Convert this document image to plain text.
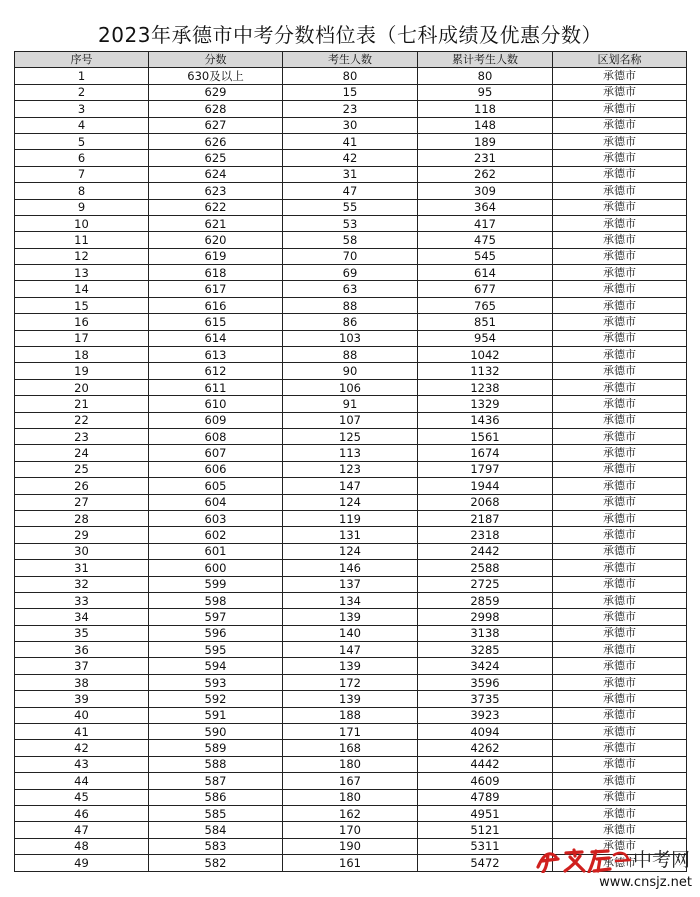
2023年承德市中考分数档位表（七科成绩及优惠分数）
序号	分数	考生人数	累计考生人数	区划名称
1	630及以上	80	80	承德市
2	629	15	95	承德市
3	628	23	118	承德市
4	627	30	148	承德市
5	626	41	189	承德市
6	625	42	231	承德市
7	624	31	262	承德市
8	623	47	309	承德市
9	622	55	364	承德市
10	621	53	417	承德市
11	620	58	475	承德市
12	619	70	545	承德市
13	618	69	614	承德市
14	617	63	677	承德市
15	616	88	765	承德市
16	615	86	851	承德市
17	614	103	954	承德市
18	613	88	1042	承德市
19	612	90	1132	承德市
20	611	106	1238	承德市
21	610	91	1329	承德市
22	609	107	1436	承德市
23	608	125	1561	承德市
24	607	113	1674	承德市
25	606	123	1797	承德市
26	605	147	1944	承德市
27	604	124	2068	承德市
28	603	119	2187	承德市
29	602	131	2318	承德市
30	601	124	2442	承德市
31	600	146	2588	承德市
32	599	137	2725	承德市
33	598	134	2859	承德市
34	597	139	2998	承德市
35	596	140	3138	承德市
36	595	147	3285	承德市
37	594	139	3424	承德市
38	593	172	3596	承德市
39	592	139	3735	承德市
40	591	188	3923	承德市
41	590	171	4094	承德市
42	589	168	4262	承德市
43	588	180	4442	承德市
44	587	167	4609	承德市
45	586	180	4789	承德市
46	585	162	4951	承德市
47	584	170	5121	承德市
48	583	190	5311	承德市
49	582	161	5472	承德市
中考网
www.cnsjz.net
